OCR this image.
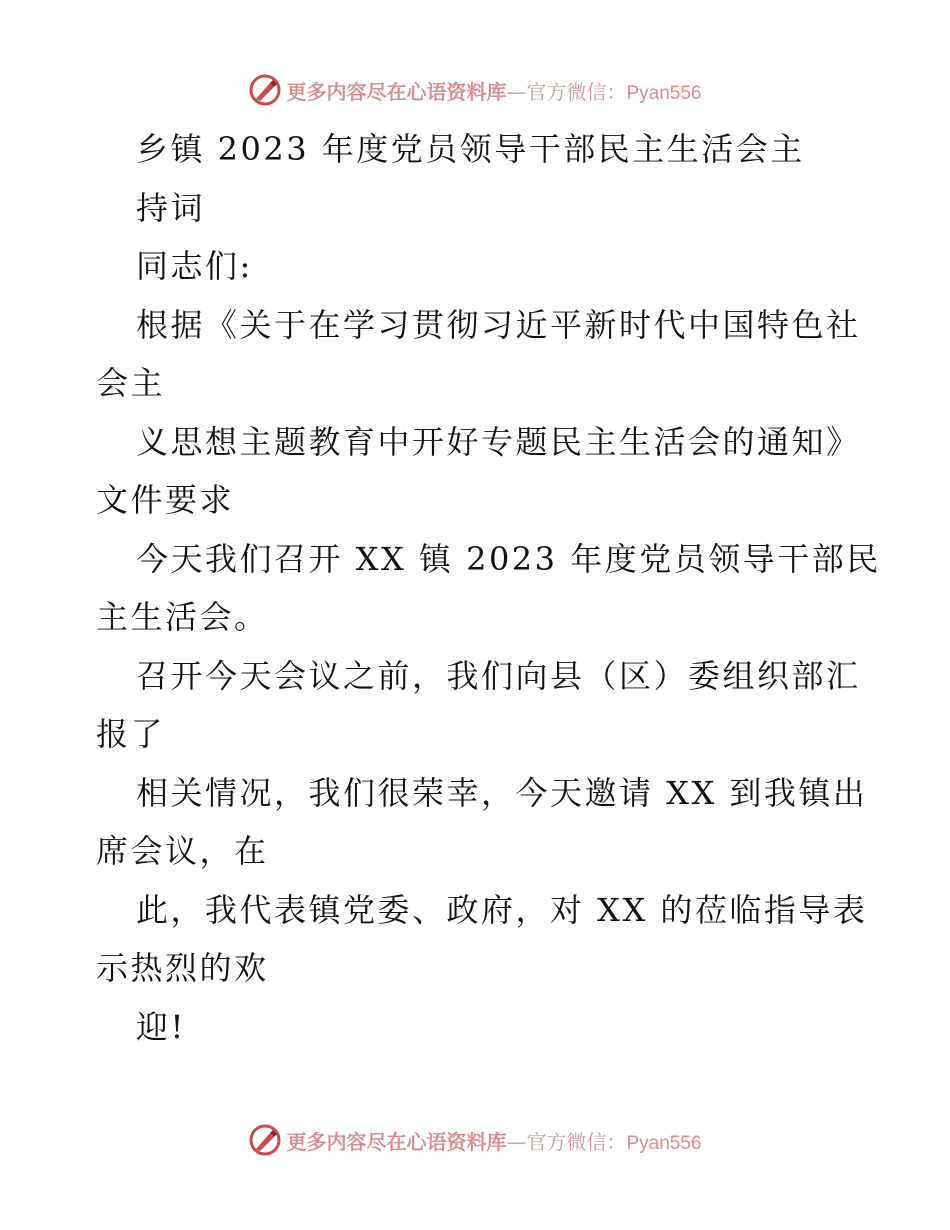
更多内容尽在心语资料库—官方微信：Pyan556
乡镇 2023 年度党员领导干部民主生活会主
持词
同志们:
根据《关于在学习贯彻习近平新时代中国特色社
会主
义思想主题教育中开好专题民主生活会的通知》
文件要求
今天我们召开 XX 镇 2023 年度党员领导干部民
主生活会。
召开今天会议之前，我们向县（区）委组织部汇
报了
相关情况，我们很荣幸，今天邀请 XX 到我镇出
席会议，在
此，我代表镇党委、政府，对 XX 的莅临指导表
示热烈的欢
迎!
更多内容尽在心语资料库—官方微信：Pyan556
